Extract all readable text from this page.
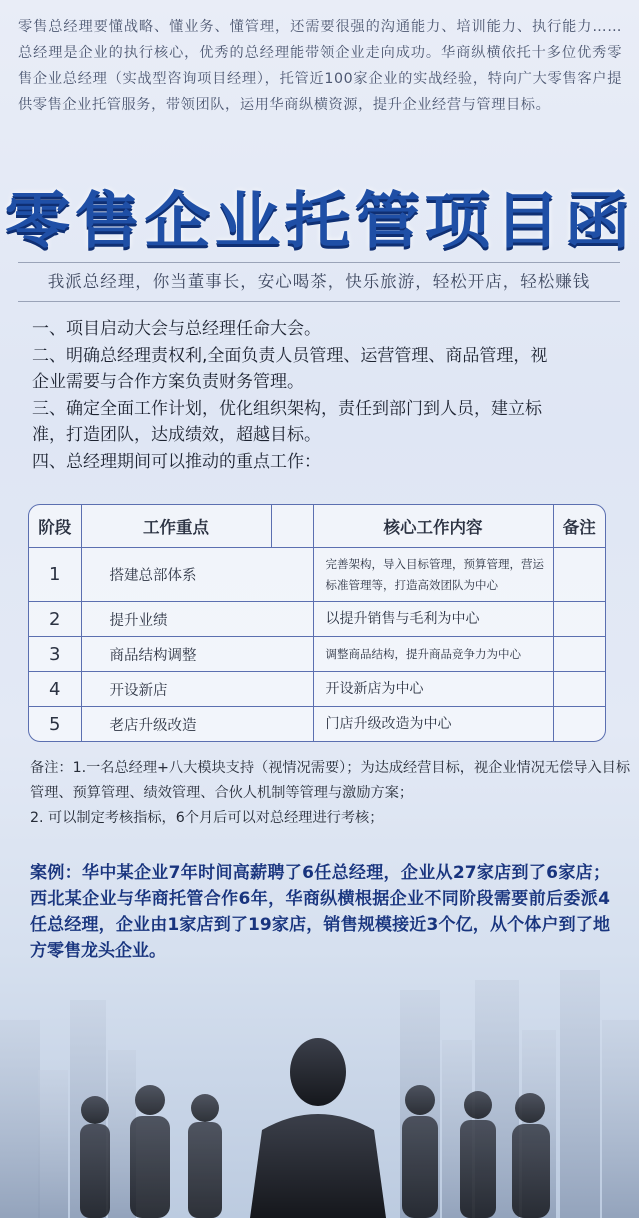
零售总经理要懂战略、懂业务、懂管理，还需要很强的沟通能力、培训能力、执行能力……总经理是企业的执行核心，优秀的总经理能带领企业走向成功。华商纵横依托十多位优秀零售企业总经理（实战型咨询项目经理），托管近100家企业的实战经验，特向广大零售客户提供零售企业托管服务，带领团队，运用华商纵横资源，提升企业经营与管理目标。
零售企业托管项目函
我派总经理，你当董事长，安心喝茶，快乐旅游，轻松开店，轻松赚钱
一、项目启动大会与总经理任命大会。
二、明确总经理责权利,全面负责人员管理、运营管理、商品管理，视企业需要与合作方案负责财务管理。
三、确定全面工作计划，优化组织架构，责任到部门到人员，建立标准，打造团队，达成绩效，超越目标。
四、总经理期间可以推动的重点工作：
阶段	工作重点		核心工作内容	备注
1	搭建总部体系		完善架构，导入目标管理，预算管理，营运标准管理等，打造高效团队为中心	
2	提升业绩		以提升销售与毛利为中心	
3	商品结构调整		调整商品结构，提升商品竞争力为中心	
4	开设新店		开设新店为中心	
5	老店升级改造		门店升级改造为中心	
备注：1.一名总经理+八大模块支持（视情况需要）；为达成经营目标，视企业情况无偿导入目标管理、预算管理、绩效管理、合伙人机制等管理与激励方案；
2. 可以制定考核指标，6个月后可以对总经理进行考核；
案例：华中某企业7年时间高薪聘了6任总经理，企业从27家店到了6家店；西北某企业与华商托管合作6年，华商纵横根据企业不同阶段需要前后委派4任总经理，企业由1家店到了19家店，销售规模接近3个亿，从个体户到了地方零售龙头企业。
